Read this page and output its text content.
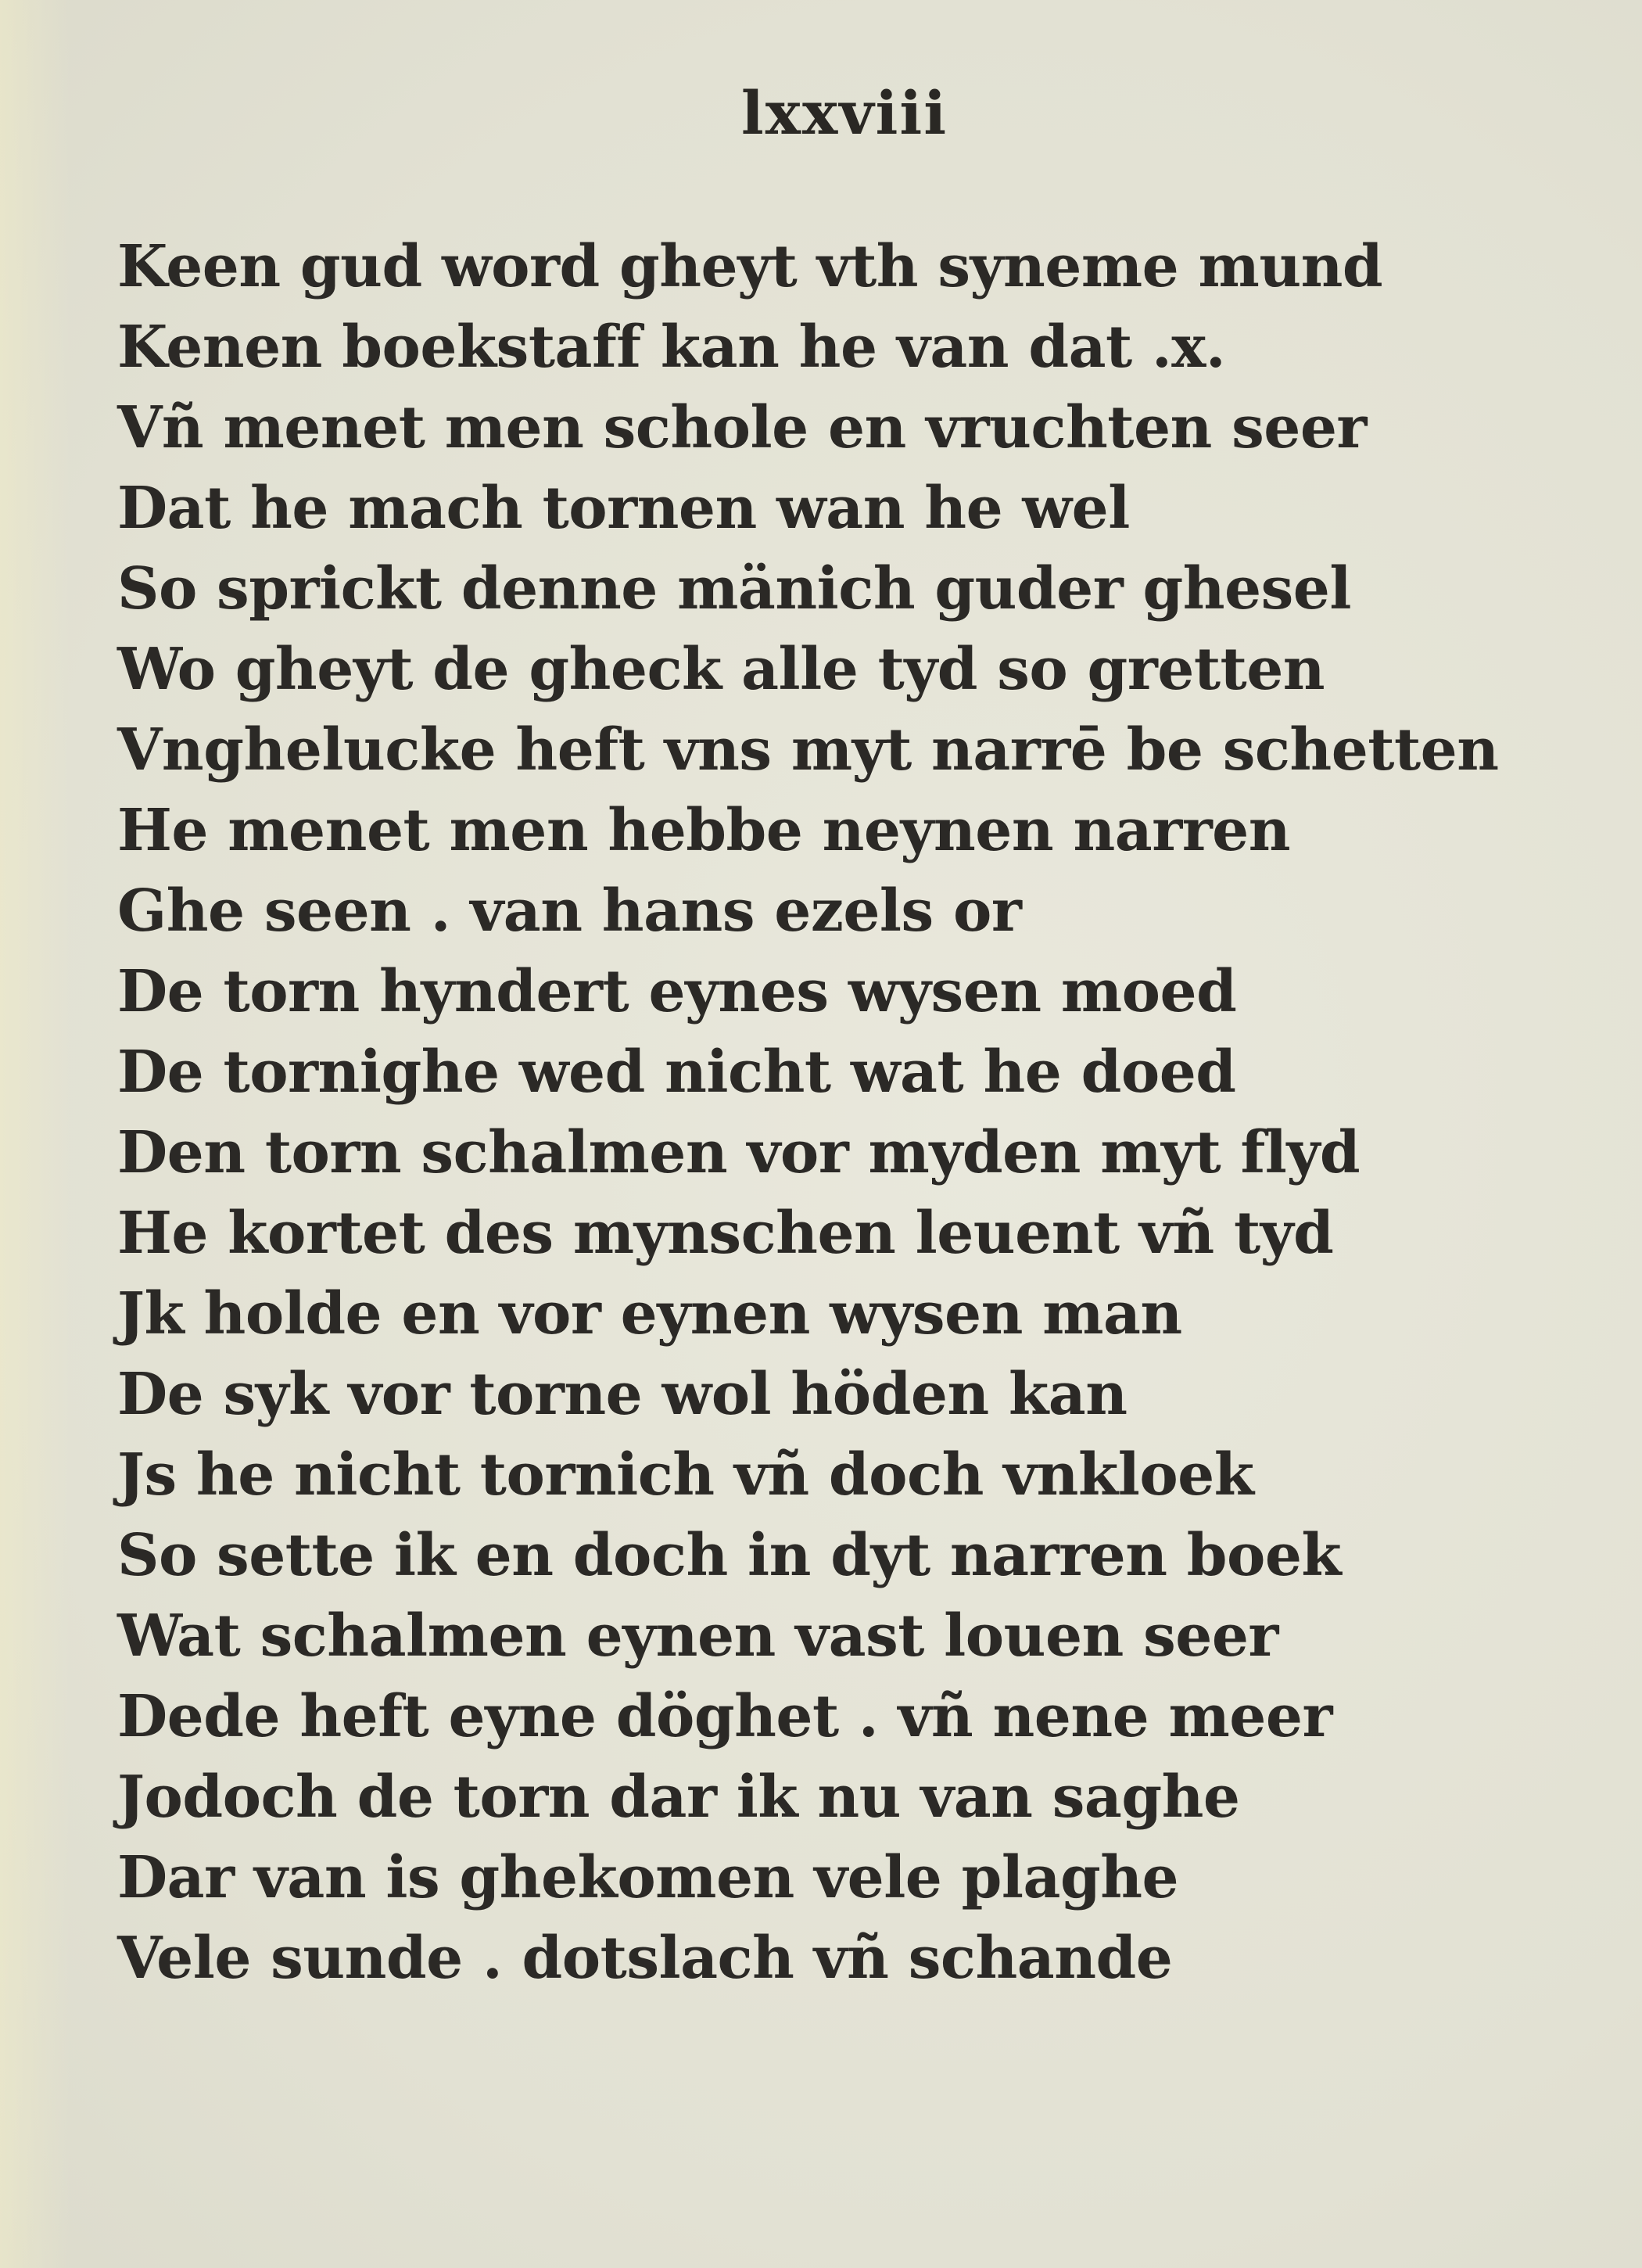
lxxviii
Keen gud word gheyt vth syneme mund
Kenen boekstaff kan he van dat .x.
Vñ menet men schole en vruchten seer
Dat he mach tornen wan he wel
So sprickt denne mänich guder ghesel
Wo gheyt de gheck alle tyd so gretten
Vnghelucke heft vns myt narrē be schetten
He menet men hebbe neynen narren
Ghe seen . van hans ezels or
De torn hyndert eynes wysen moed
De tornighe wed nicht wat he doed
Den torn schalmen vor myden myt flyd
He kortet des mynschen leuent vñ tyd
Jk holde en vor eynen wysen man
De syk vor torne wol höden kan
Js he nicht tornich vñ doch vnkloek
So sette ik en doch in dyt narren boek
Wat schalmen eynen vast louen seer
Dede heft eyne döghet . vñ nene meer
Jodoch de torn dar ik nu van saghe
Dar van is ghekomen vele plaghe
Vele sunde . dotslach vñ schande
